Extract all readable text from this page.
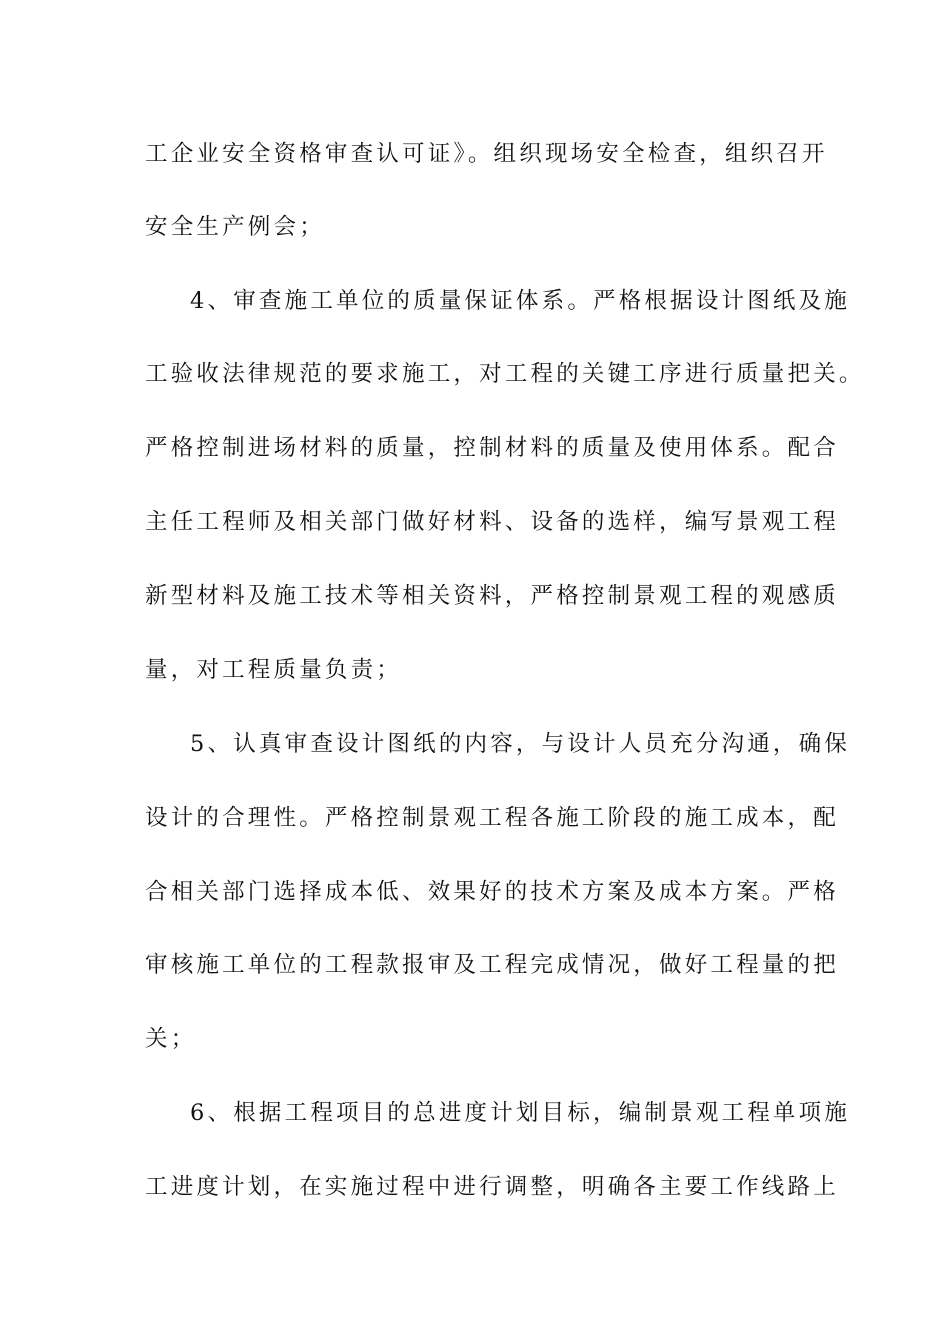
工企业安全资格审查认可证》。组织现场安全检查，组织召开
安全生产例会；
4、审查施工单位的质量保证体系。严格根据设计图纸及施
工验收法律规范的要求施工，对工程的关键工序进行质量把关。
严格控制进场材料的质量，控制材料的质量及使用体系。配合
主任工程师及相关部门做好材料、设备的选样，编写景观工程
新型材料及施工技术等相关资料，严格控制景观工程的观感质
量，对工程质量负责；
5、认真审查设计图纸的内容，与设计人员充分沟通，确保
设计的合理性。严格控制景观工程各施工阶段的施工成本，配
合相关部门选择成本低、效果好的技术方案及成本方案。严格
审核施工单位的工程款报审及工程完成情况，做好工程量的把
关；
6、根据工程项目的总进度计划目标，编制景观工程单项施
工进度计划，在实施过程中进行调整，明确各主要工作线路上
